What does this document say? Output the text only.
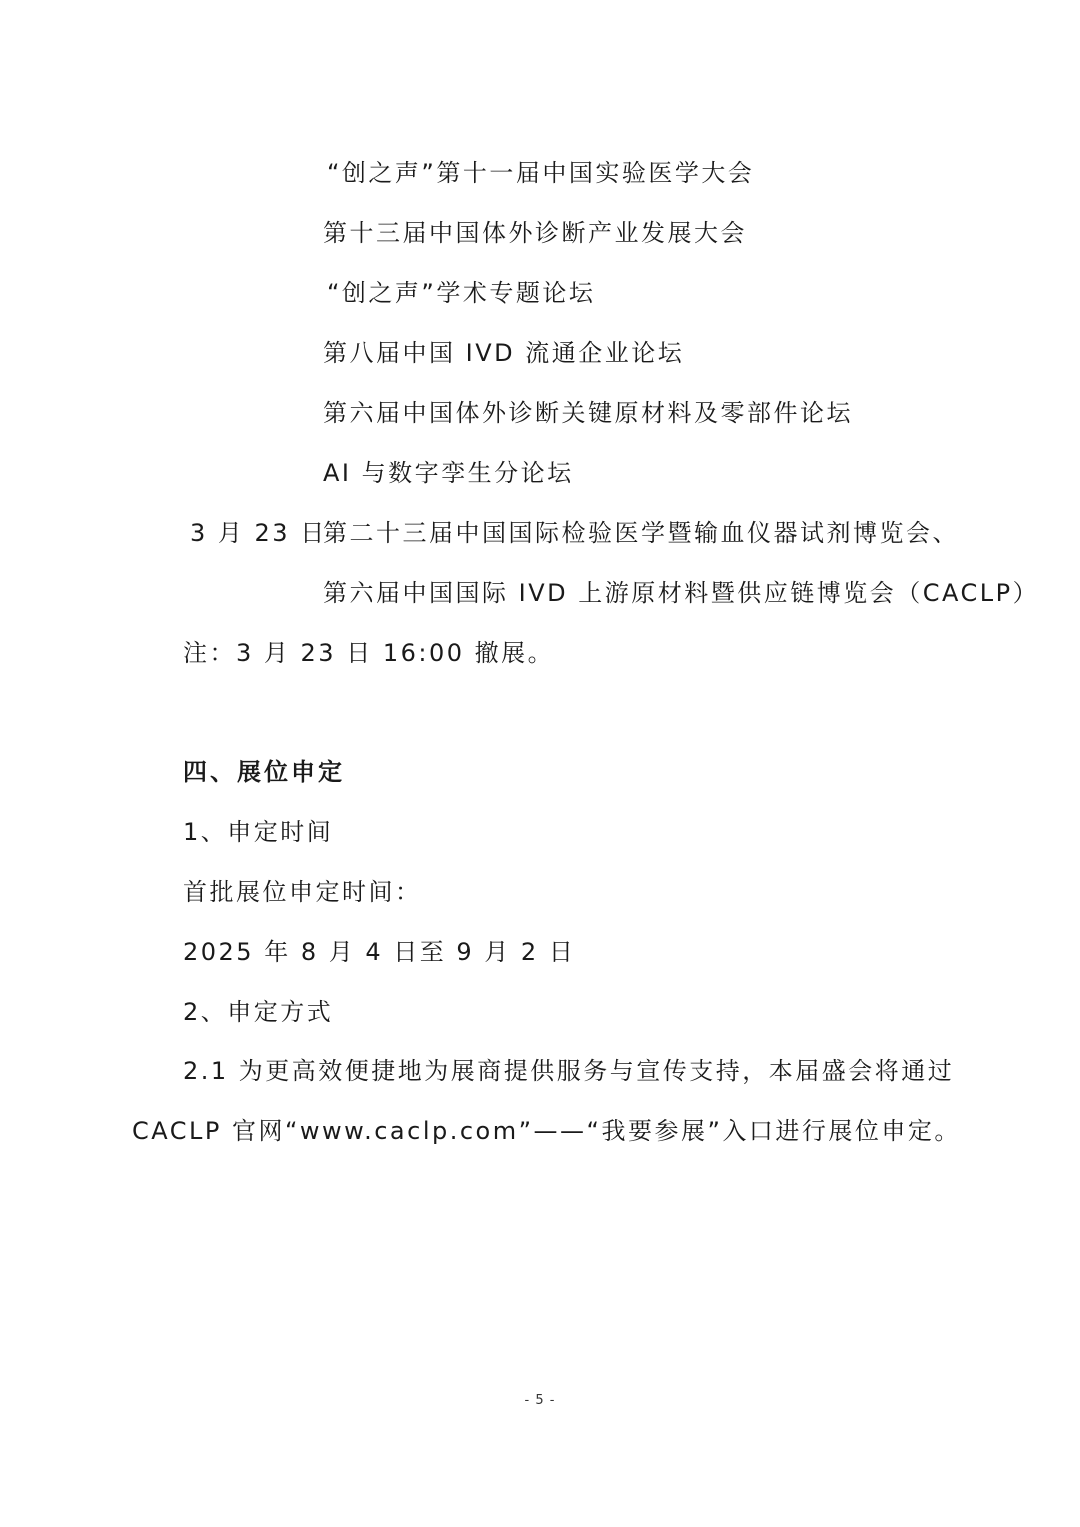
“创之声”第十一届中国实验医学大会
第十三届中国体外诊断产业发展大会
“创之声”学术专题论坛
第八届中国 IVD 流通企业论坛
第六届中国体外诊断关键原材料及零部件论坛
AI 与数字孪生分论坛
3 月 23 日
第二十三届中国国际检验医学暨输血仪器试剂博览会、
第六届中国国际 IVD 上游原材料暨供应链博览会（CACLP）
注：3 月 23 日 16:00 撤展。
四、展位申定
1、申定时间
首批展位申定时间：
2025 年 8 月 4 日至 9 月 2 日
2、申定方式
2.1 为更高效便捷地为展商提供服务与宣传支持，本届盛会将通过
CACLP 官网“www.caclp.com”——“我要参展”入口进行展位申定。
- 5 -
